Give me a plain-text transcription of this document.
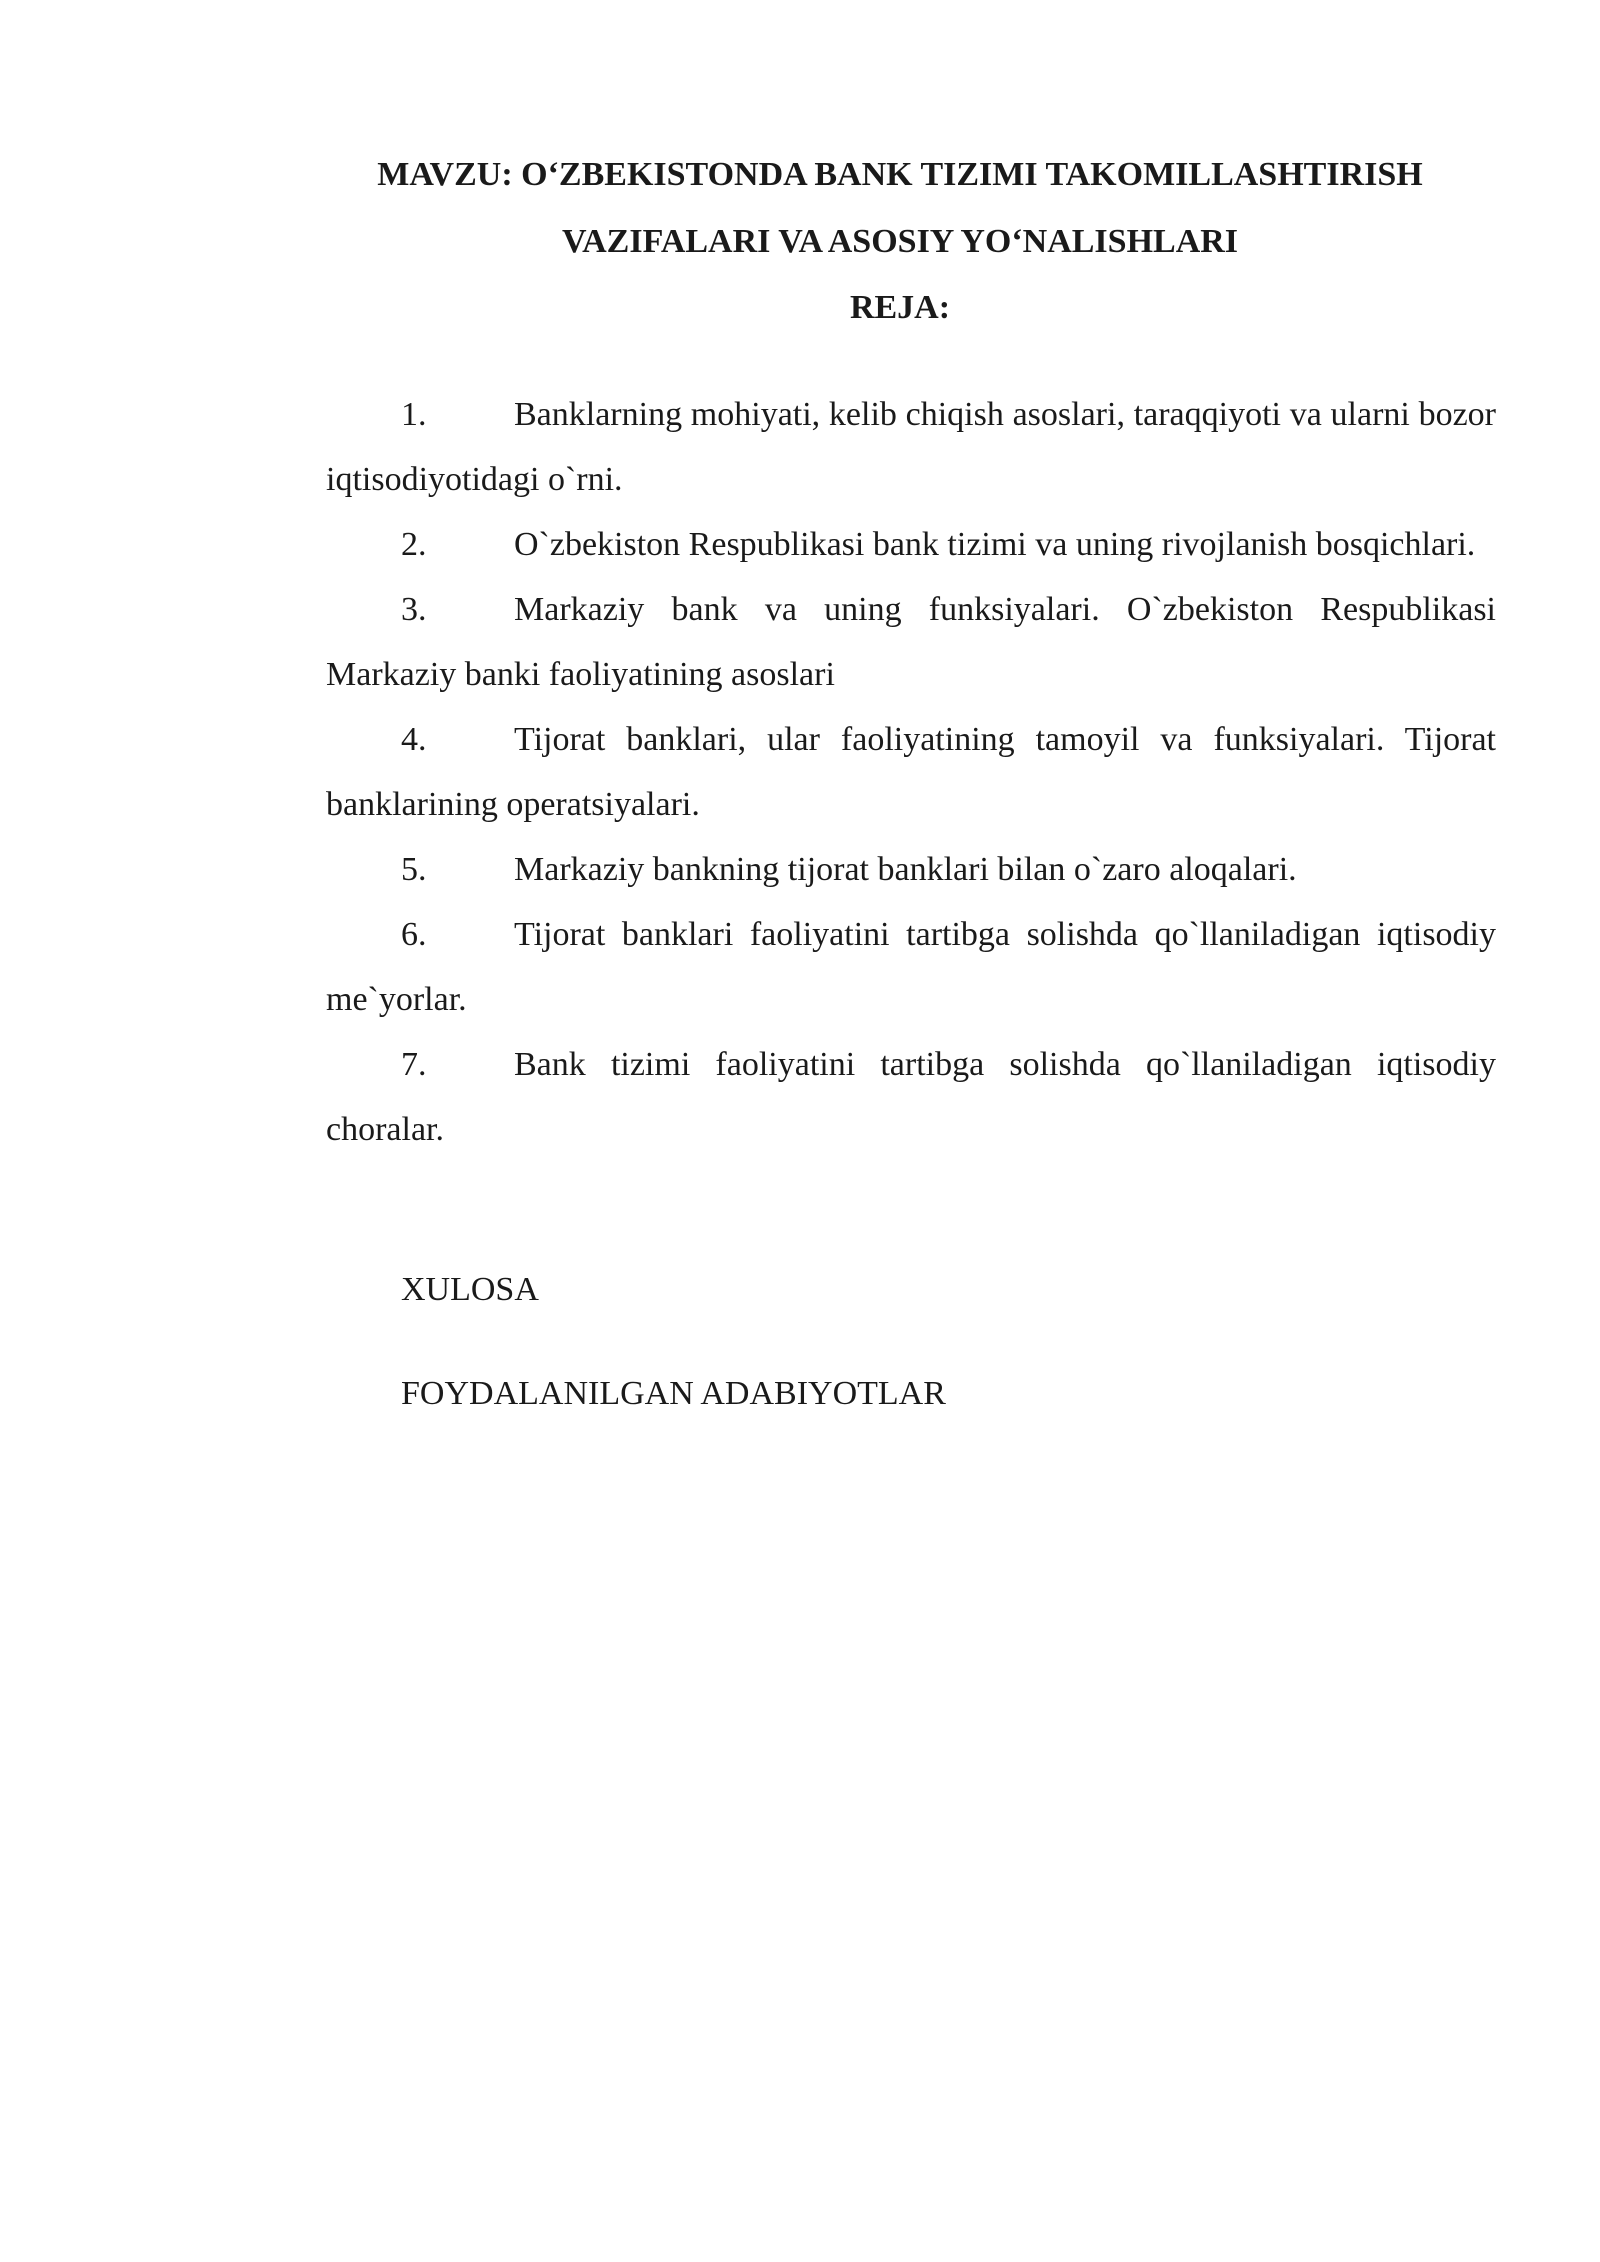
MAVZU: O‘ZBEKISTONDA BANK TIZIMI TAKOMILLASHTIRISH
VAZIFALARI VA ASOSIY YO‘NALISHLARI
REJA:
1.	Banklarning mohiyati, kelib chiqish asoslari, taraqqiyoti va ularni bozor iqtisodiyotidagi o`rni.
2.	O`zbekiston Respublikasi bank tizimi va uning rivojlanish bosqichlari.
3.	Markaziy bank va uning funksiyalari. O`zbekiston Respublikasi Markaziy banki faoliyatining asoslari
4.	Tijorat banklari, ular faoliyatining tamoyil va funksiyalari. Tijorat banklarining operatsiyalari.
5.	Markaziy bankning tijorat banklari bilan o`zaro aloqalari.
6.	Tijorat banklari faoliyatini tartibga solishda qo`llaniladigan iqtisodiy me`yorlar.
7.	Bank tizimi faoliyatini tartibga solishda qo`llaniladigan iqtisodiy choralar.
XULOSA
FOYDALANILGAN ADABIYOTLAR
